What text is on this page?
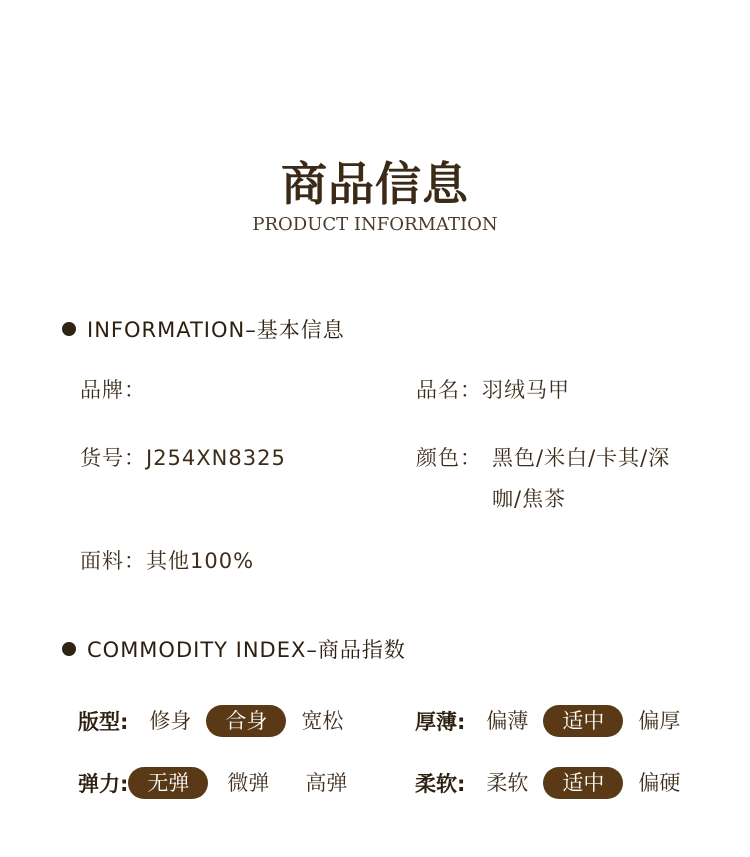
商品信息
PRODUCT INFORMATION
INFORMATION–基本信息
品牌：	品名：羽绒马甲
货号：J254XN8325	颜色： 黑色/米白/卡其/深
咖/焦茶
面料：其他100%
COMMODITY INDEX–商品指数
版型:	修身	合身	宽松	厚薄:	偏薄	适中	偏厚
弹力: 无弹	微弹	高弹	柔软:	柔软	适中	偏硬
